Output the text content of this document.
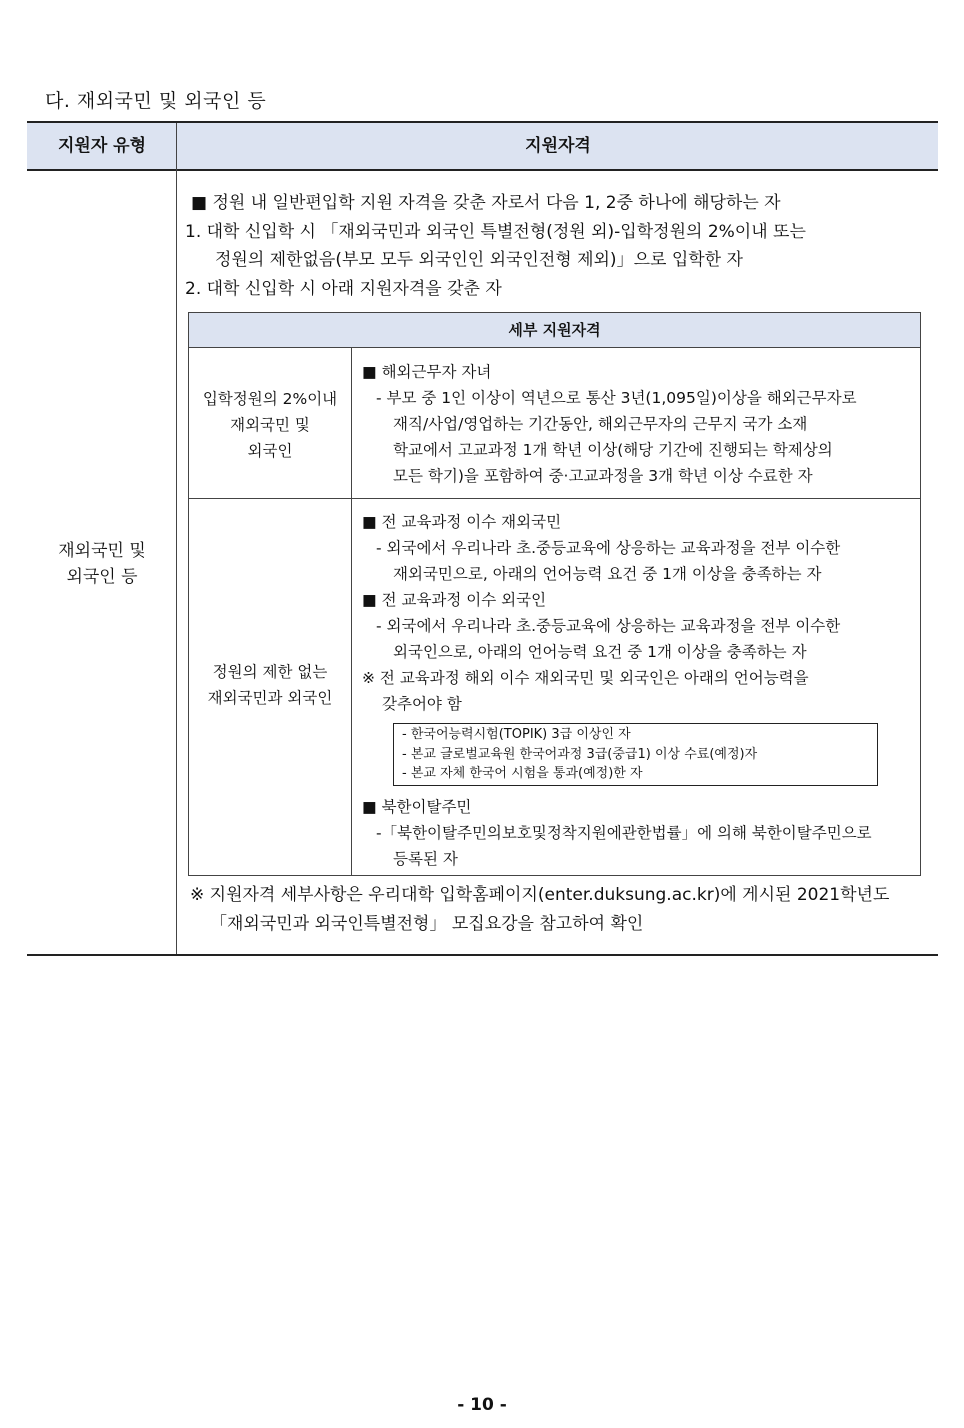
다. 재외국민 및 외국인 등
지원자 유형	지원자격
재외국민 및
외국인 등
■ 정원 내 일반편입학 지원 자격을 갖춘 자로서 다음 1, 2중 하나에 해당하는 자
1. 대학 신입학 시 「재외국민과 외국인 특별전형(정원 외)-입학정원의 2%이내 또는
정원의 제한없음(부모 모두 외국인인 외국인전형 제외)」으로 입학한 자
2. 대학 신입학 시 아래 지원자격을 갖춘 자
세부 지원자격
입학정원의 2%이내
재외국민 및
외국인
■ 해외근무자 자녀
- 부모 중 1인 이상이 역년으로 통산 3년(1,095일)이상을 해외근무자로
재직/사업/영업하는 기간동안, 해외근무자의 근무지 국가 소재
학교에서 고교과정 1개 학년 이상(해당 기간에 진행되는 학제상의
모든 학기)을 포함하여 중·고교과정을 3개 학년 이상 수료한 자
정원의 제한 없는
재외국민과 외국인
■ 전 교육과정 이수 재외국민
- 외국에서 우리나라 초.중등교육에 상응하는 교육과정을 전부 이수한
재외국민으로, 아래의 언어능력 요건 중 1개 이상을 충족하는 자
■ 전 교육과정 이수 외국인
- 외국에서 우리나라 초.중등교육에 상응하는 교육과정을 전부 이수한
외국인으로, 아래의 언어능력 요건 중 1개 이상을 충족하는 자
※ 전 교육과정 해외 이수 재외국민 및 외국인은 아래의 언어능력을
갖추어야 함
- 한국어능력시험(TOPIK) 3급 이상인 자
- 본교 글로벌교육원 한국어과정 3급(중급1) 이상 수료(예정)자
- 본교 자체 한국어 시험을 통과(예정)한 자
■ 북한이탈주민
-「북한이탈주민의보호및정착지원에관한법률」에 의해 북한이탈주민으로
등록된 자
※ 지원자격 세부사항은 우리대학 입학홈페이지(enter.duksung.ac.kr)에 게시된 2021학년도
「재외국민과 외국인특별전형」 모집요강을 참고하여 확인
- 10 -
